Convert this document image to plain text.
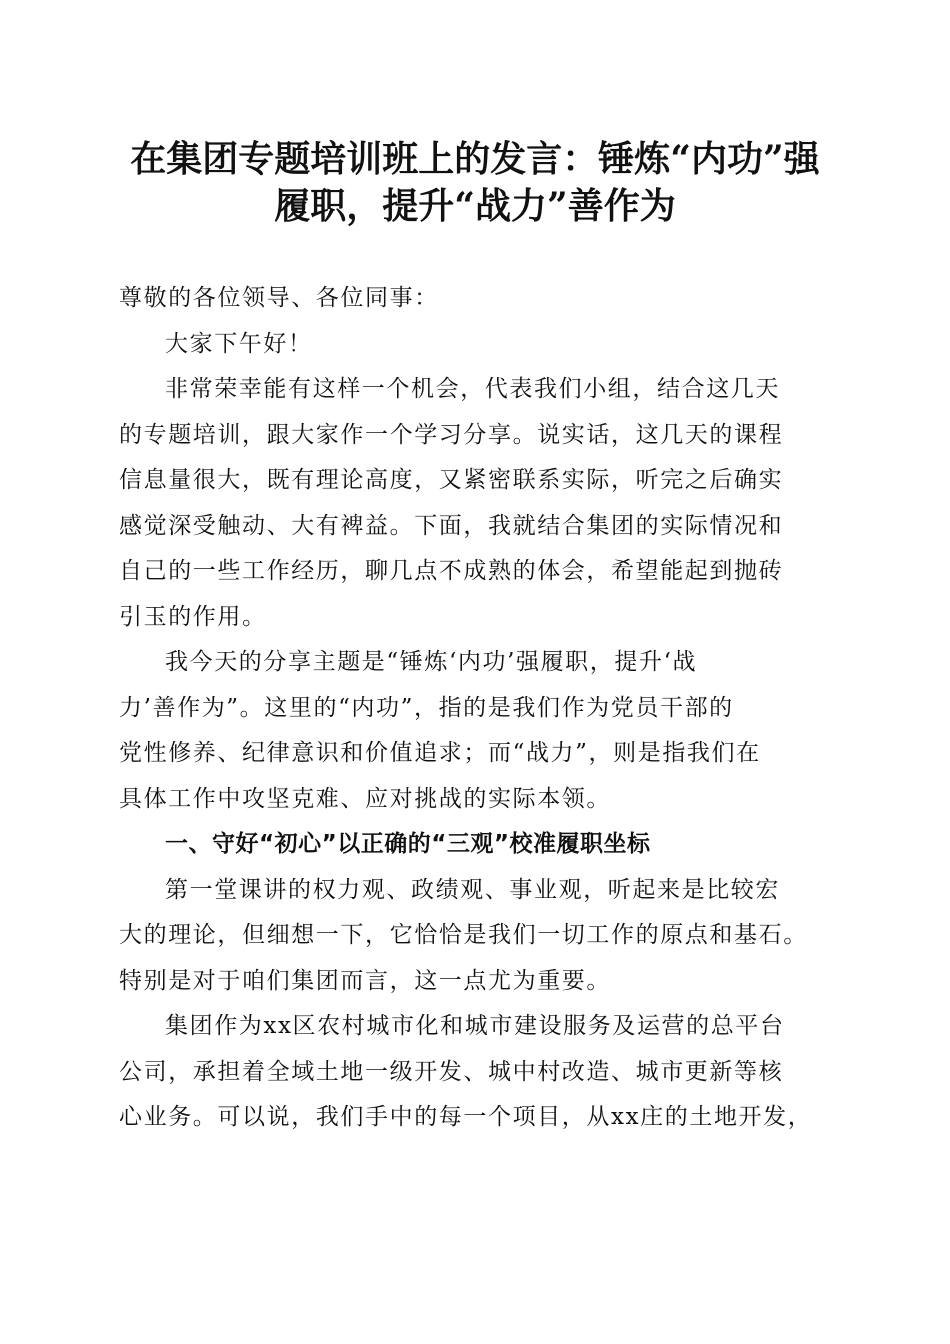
在集团专题培训班上的发言：锤炼“内功”强
履职，提升“战力”善作为

尊敬的各位领导、各位同事：

大家下午好！

非常荣幸能有这样一个机会，代表我们小组，结合这几天
的专题培训，跟大家作一个学习分享。说实话，这几天的课程
信息量很大，既有理论高度，又紧密联系实际，听完之后确实
感觉深受触动、大有裨益。下面，我就结合集团的实际情况和
自己的一些工作经历，聊几点不成熟的体会，希望能起到抛砖
引玉的作用。

我今天的分享主题是“锤炼‘内功’强履职，提升‘战
力’善作为”。这里的“内功”，指的是我们作为党员干部的
党性修养、纪律意识和价值追求；而“战力”，则是指我们在
具体工作中攻坚克难、应对挑战的实际本领。

一、守好“初心”以正确的“三观”校准履职坐标

第一堂课讲的权力观、政绩观、事业观，听起来是比较宏
大的理论，但细想一下，它恰恰是我们一切工作的原点和基石。
特别是对于咱们集团而言，这一点尤为重要。

集团作为xx区农村城市化和城市建设服务及运营的总平台
公司，承担着全域土地一级开发、城中村改造、城市更新等核
心业务。可以说，我们手中的每一个项目，从xx庄的土地开发，
